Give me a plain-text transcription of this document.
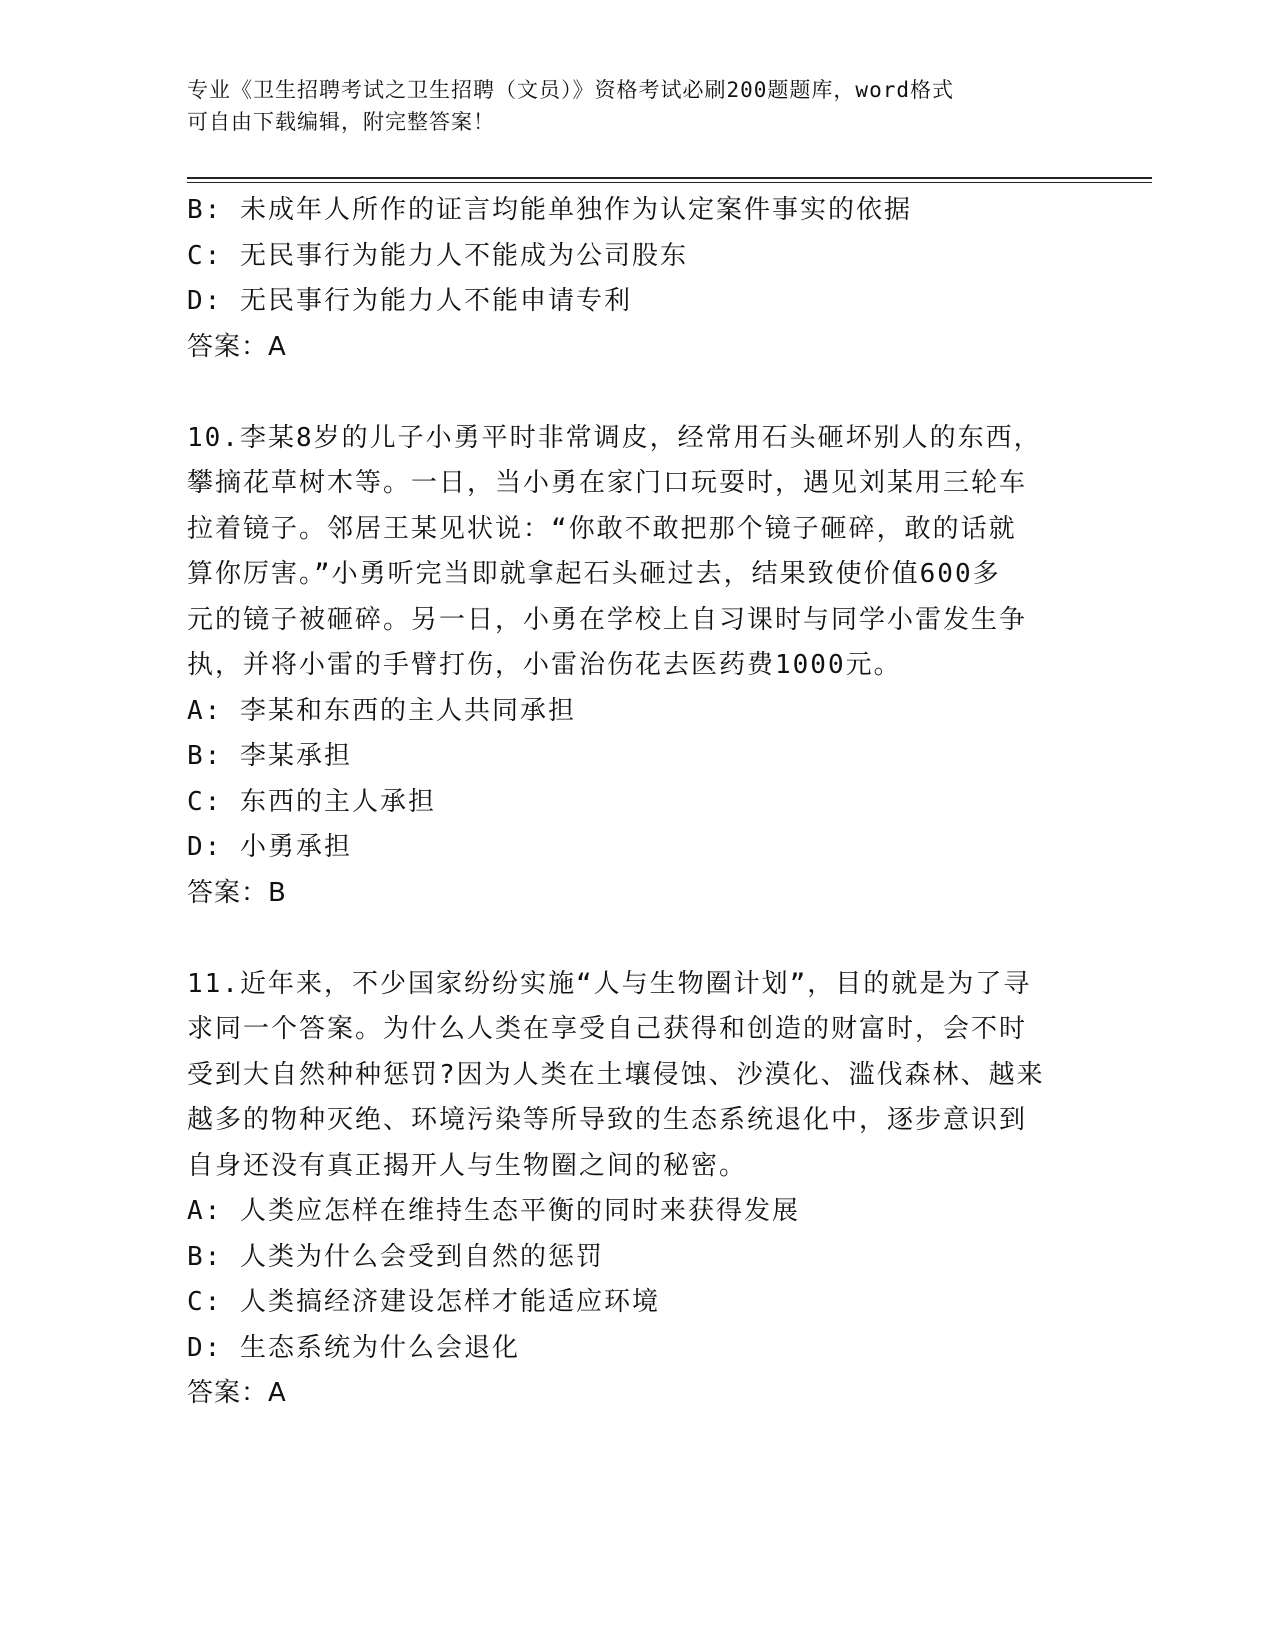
专业《卫生招聘考试之卫生招聘（文员）》资格考试必刷200题题库，word格式
可自由下载编辑，附完整答案！
B: 未成年人所作的证言均能单独作为认定案件事实的依据
C: 无民事行为能力人不能成为公司股东
D: 无民事行为能力人不能申请专利
答案：A
10.李某8岁的儿子小勇平时非常调皮，经常用石头砸坏别人的东西，
攀摘花草树木等。一日，当小勇在家门口玩耍时，遇见刘某用三轮车
拉着镜子。邻居王某见状说：“你敢不敢把那个镜子砸碎，敢的话就
算你厉害。”小勇听完当即就拿起石头砸过去，结果致使价值600多
元的镜子被砸碎。另一日，小勇在学校上自习课时与同学小雷发生争
执，并将小雷的手臂打伤，小雷治伤花去医药费1000元。
A: 李某和东西的主人共同承担
B: 李某承担
C: 东西的主人承担
D: 小勇承担
答案：B
11.近年来，不少国家纷纷实施“人与生物圈计划”，目的就是为了寻
求同一个答案。为什么人类在享受自己获得和创造的财富时，会不时
受到大自然种种惩罚?因为人类在土壤侵蚀、沙漠化、滥伐森林、越来
越多的物种灭绝、环境污染等所导致的生态系统退化中，逐步意识到
自身还没有真正揭开人与生物圈之间的秘密。
A: 人类应怎样在维持生态平衡的同时来获得发展
B: 人类为什么会受到自然的惩罚
C: 人类搞经济建设怎样才能适应环境
D: 生态系统为什么会退化
答案：A
